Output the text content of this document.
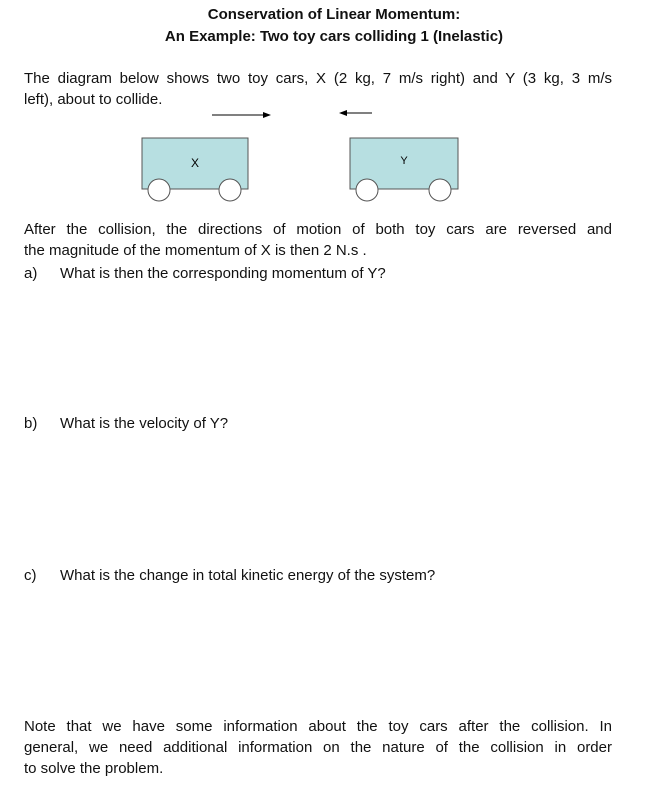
Conservation of Linear Momentum:
An Example: Two toy cars colliding 1 (Inelastic)
The diagram below shows two toy cars, X (2 kg, 7 m/s right) and Y (3 kg, 3 m/s
left), about to collide.
X	Y
After the collision, the directions of motion of both toy cars are reversed and
the magnitude of the momentum of X is then 2 N.s .
a) What is then the corresponding momentum of Y?
b) What is the velocity of Y?
c) What is the change in total kinetic energy of the system?
Note that we have some information about the toy cars after the collision. In
general, we need additional information on the nature of the collision in order
to solve the problem.
